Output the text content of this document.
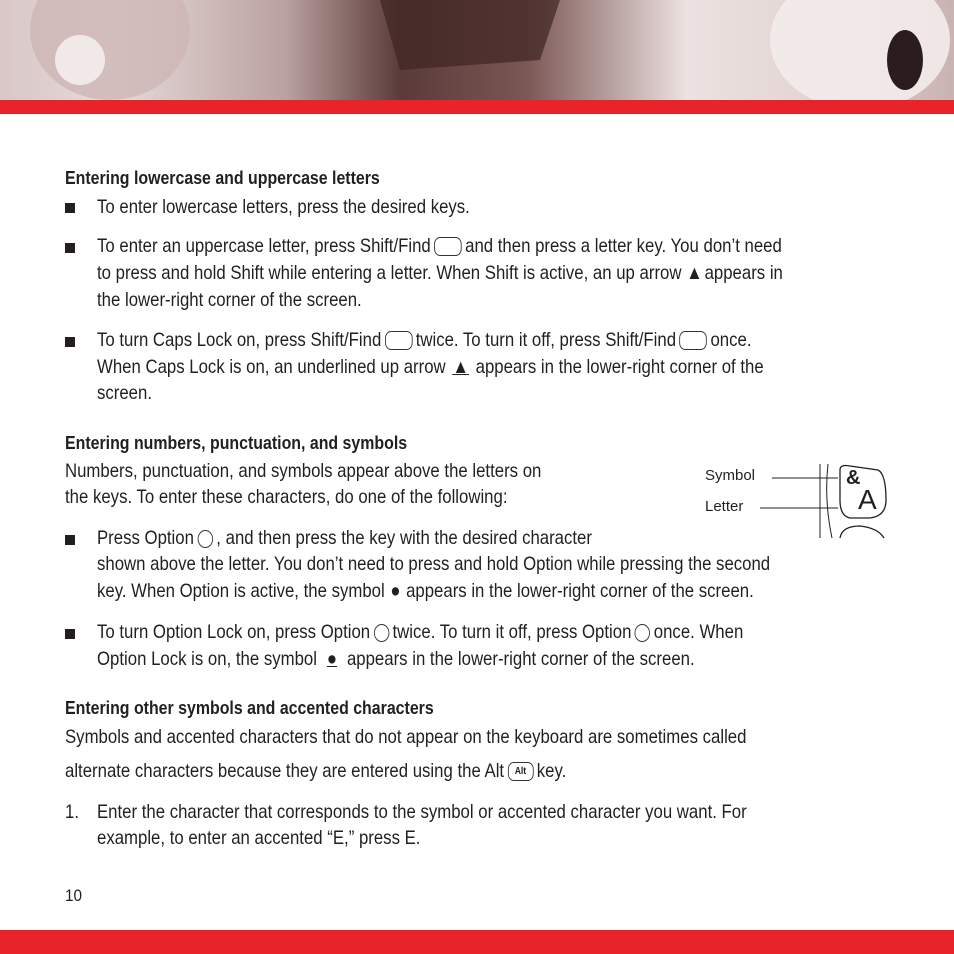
Entering lowercase and uppercase letters
To enter lowercase letters, press the desired keys.
To enter an uppercase letter, press Shift/Find and then press a letter key. You don’t need
to press and hold Shift while entering a letter. When Shift is active, an up arrow ▲ appears in
the lower-right corner of the screen.
To turn Caps Lock on, press Shift/Find twice. To turn it off, press Shift/Find once.
When Caps Lock is on, an underlined up arrow ▲ appears in the lower-right corner of the
screen.
Entering numbers, punctuation, and symbols
Numbers, punctuation, and symbols appear above the letters on
the keys. To enter these characters, do one of the following:
Symbol
Letter
&
A
Press Option , and then press the key with the desired character
shown above the letter. You don’t need to press and hold Option while pressing the second
key. When Option is active, the symbol ● appears in the lower-right corner of the screen.
To turn Option Lock on, press Option twice. To turn it off, press Option once. When
Option Lock is on, the symbol ● appears in the lower-right corner of the screen.
Entering other symbols and accented characters
Symbols and accented characters that do not appear on the keyboard are sometimes called
alternate characters because they are entered using the Alt Alt key.
1. Enter the character that corresponds to the symbol or accented character you want. For
example, to enter an accented “E,” press E.
10
